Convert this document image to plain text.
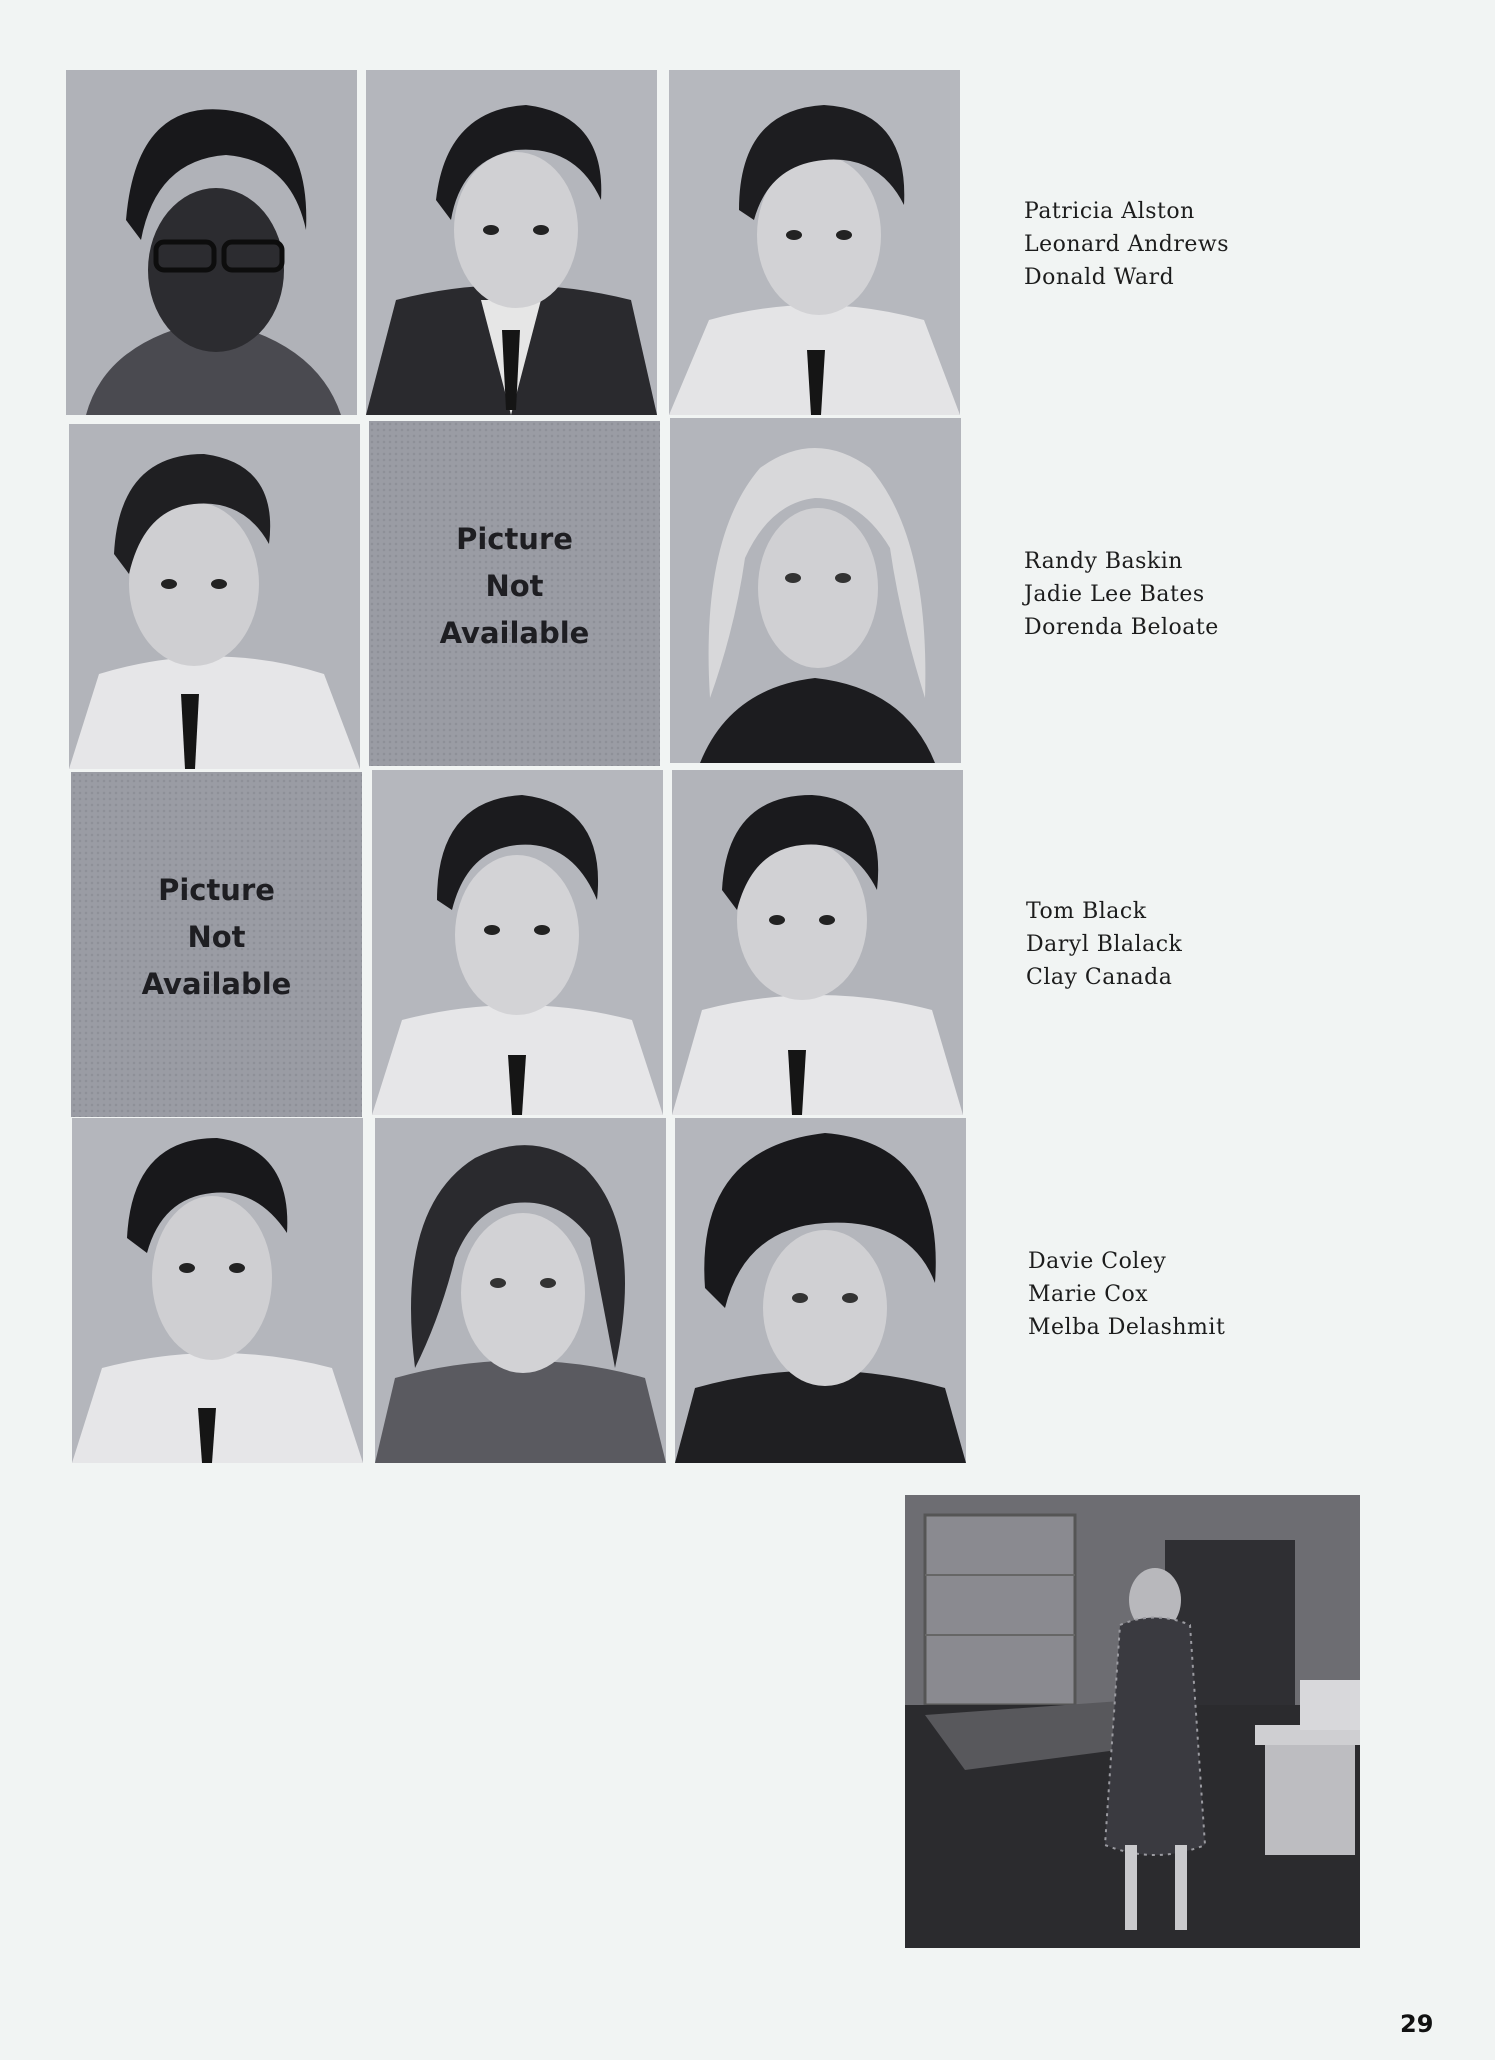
Picture
Not
Available
Picture
Not
Available
Patricia Alston
Leonard Andrews
Donald Ward
Randy Baskin
Jadie Lee Bates
Dorenda Beloate
Tom Black
Daryl Blalack
Clay Canada
Davie Coley
Marie Cox
Melba Delashmit
29
